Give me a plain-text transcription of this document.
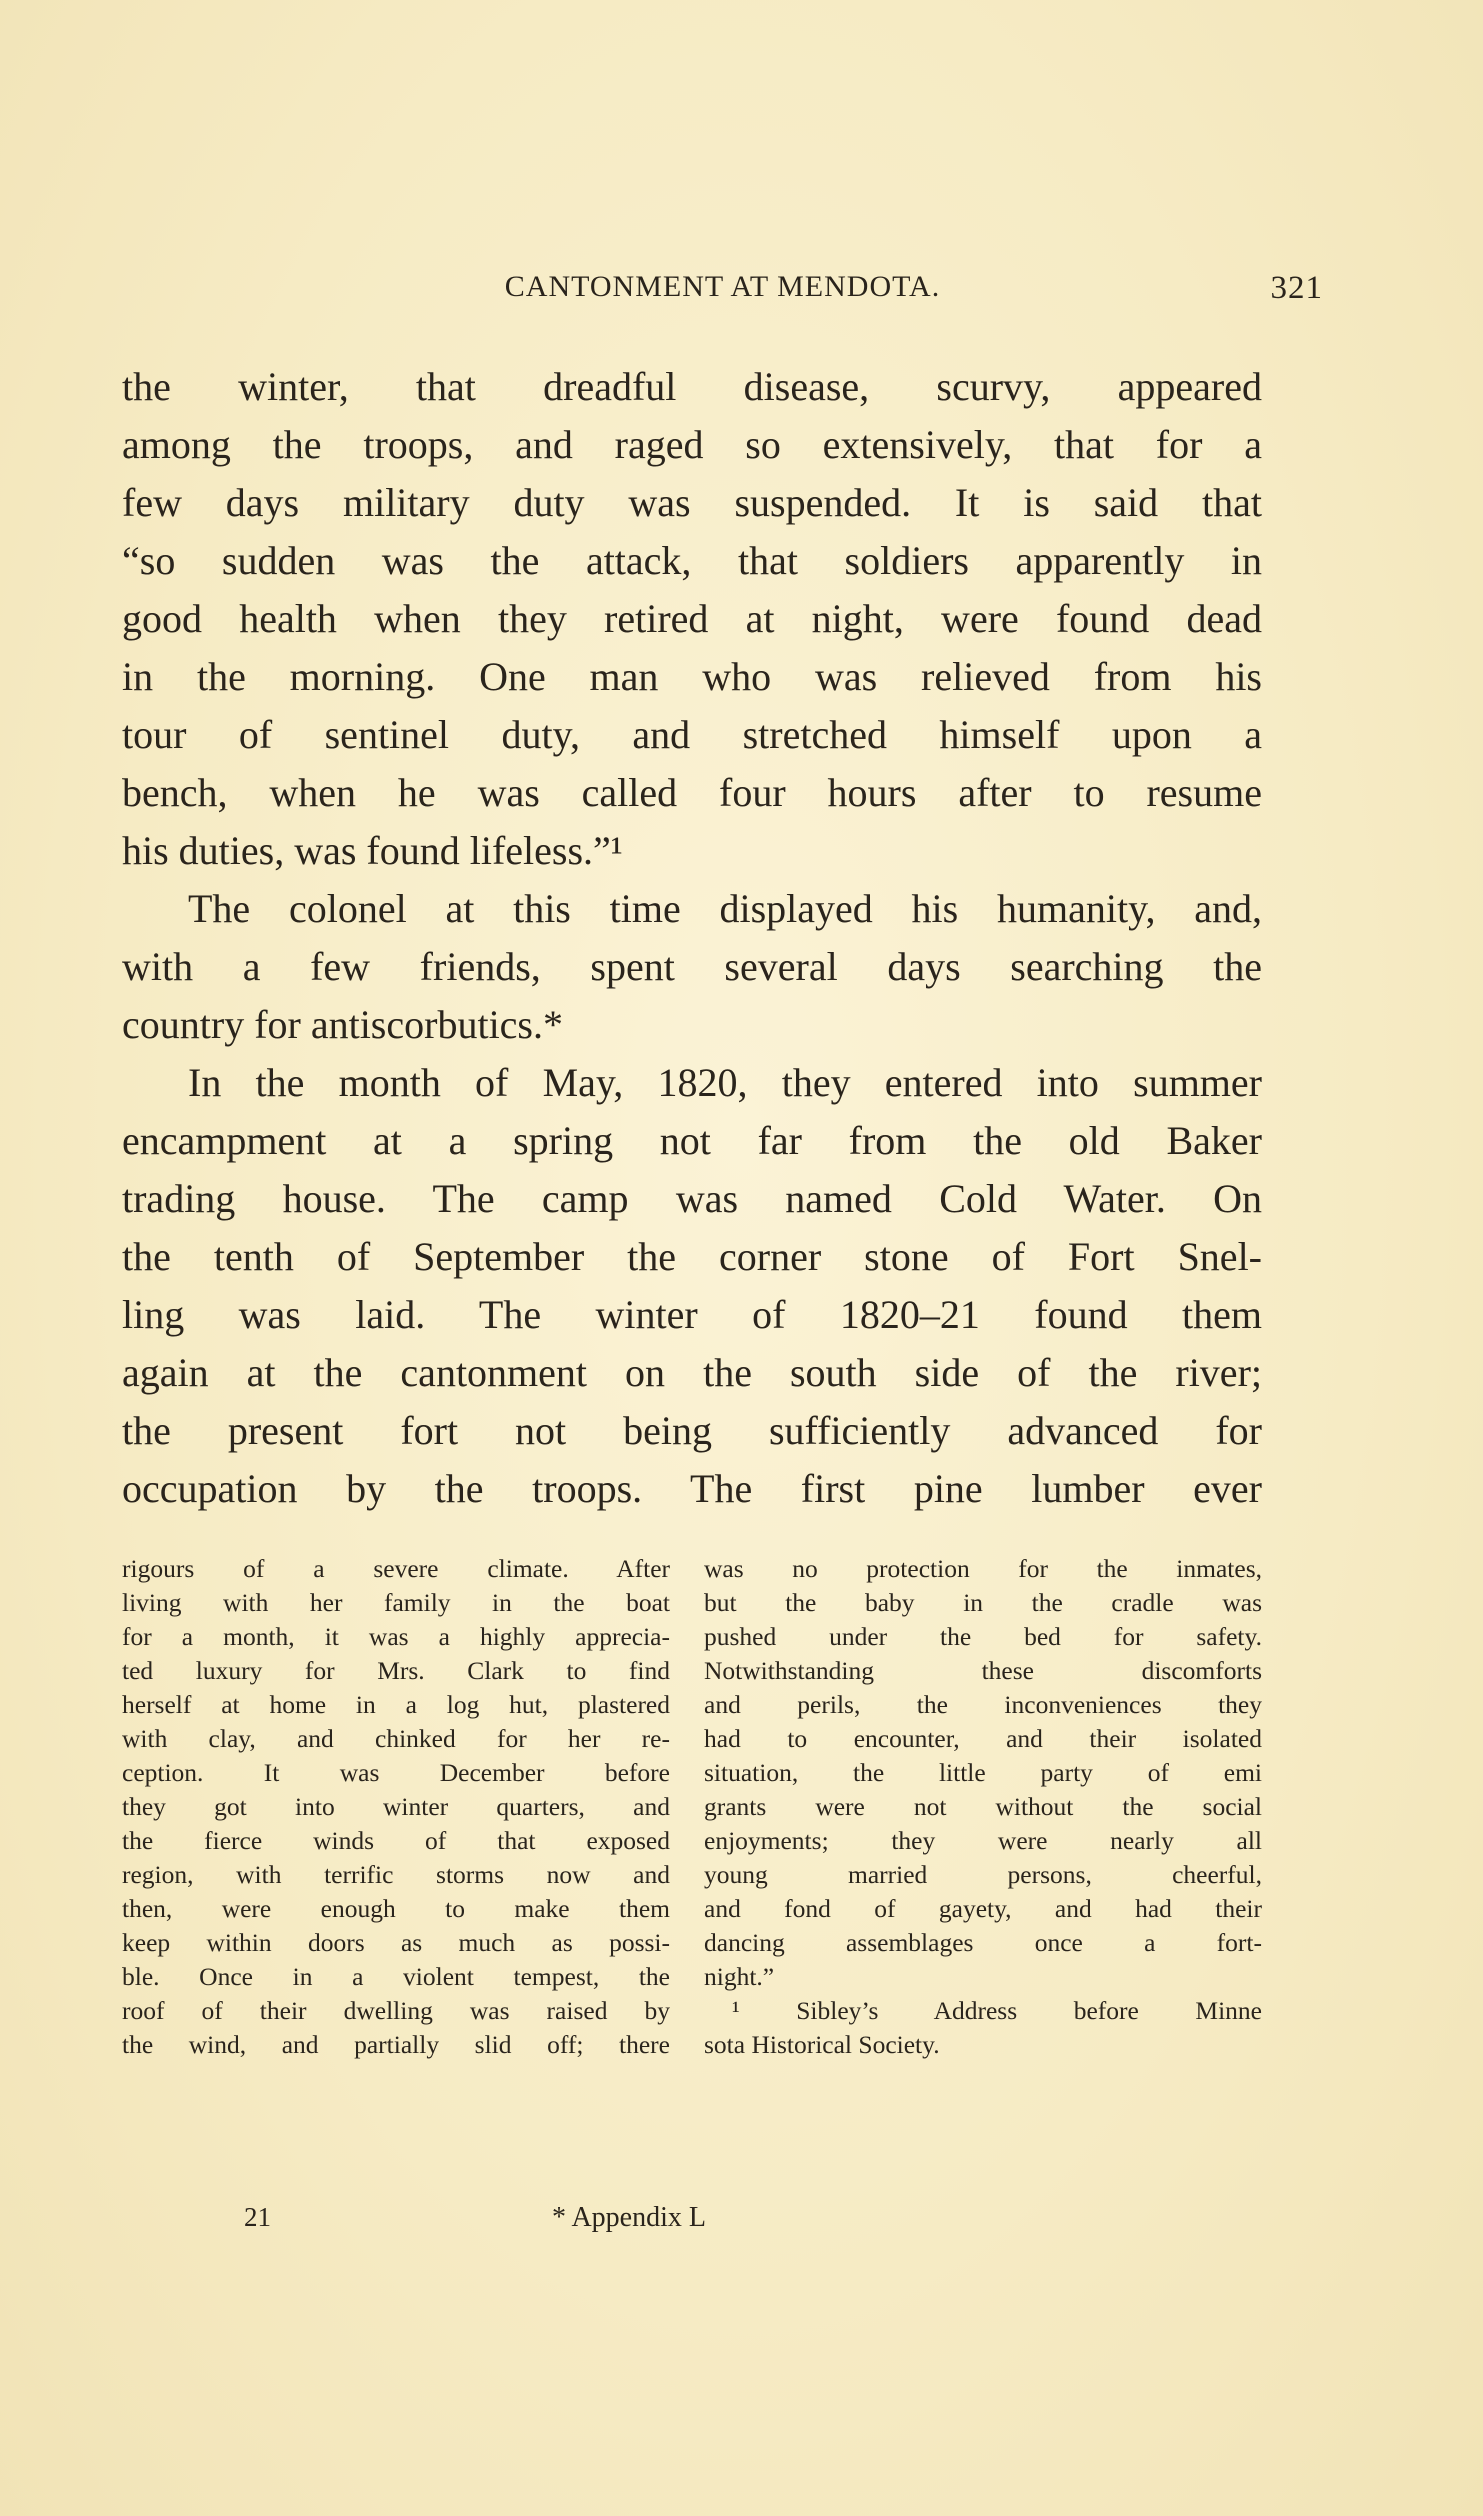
CANTONMENT AT MENDOTA.	321
the winter, that dreadful disease, scurvy, appeared
among the troops, and raged so extensively, that for a
few days military duty was suspended. It is said that
“so sudden was the attack, that soldiers apparently in
good health when they retired at night, were found dead
in the morning. One man who was relieved from his
tour of sentinel duty, and stretched himself upon a
bench, when he was called four hours after to resume
his duties, was found lifeless.”¹
The colonel at this time displayed his humanity, and,
with a few friends, spent several days searching the
country for antiscorbutics.*
In the month of May, 1820, they entered into summer
encampment at a spring not far from the old Baker
trading house. The camp was named Cold Water. On
the tenth of September the corner stone of Fort Snel-
ling was laid. The winter of 1820–21 found them
again at the cantonment on the south side of the river;
the present fort not being sufficiently advanced for
occupation by the troops. The first pine lumber ever
rigours of a severe climate. After
living with her family in the boat
for a month, it was a highly apprecia-
ted luxury for Mrs. Clark to find
herself at home in a log hut, plastered
with clay, and chinked for her re-
ception. It was December before
they got into winter quarters, and
the fierce winds of that exposed
region, with terrific storms now and
then, were enough to make them
keep within doors as much as possi-
ble. Once in a violent tempest, the
roof of their dwelling was raised by
the wind, and partially slid off; there
was no protection for the inmates,
but the baby in the cradle was
pushed under the bed for safety.
Notwithstanding these discomforts
and perils, the inconveniences they
had to encounter, and their isolated
situation, the little party of emi
grants were not without the social
enjoyments; they were nearly all
young married persons, cheerful,
and fond of gayety, and had their
dancing assemblages once a fort-
night.”
¹ Sibley’s Address before Minne
sota Historical Society.
21	* Appendix L
